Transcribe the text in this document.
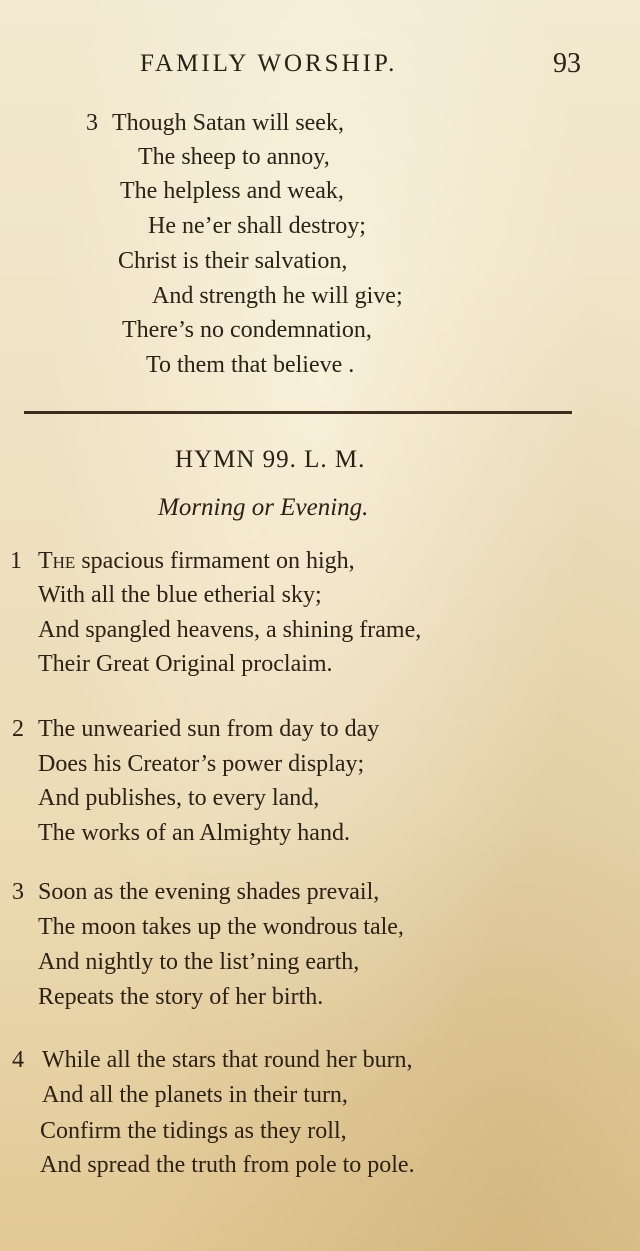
FAMILY WORSHIP.	93
3 Though Satan will seek,
The sheep to annoy,
The helpless and weak,
He ne’er shall destroy;
Christ is their salvation,
And strength he will give;
There’s no condemnation,
To them that believe .
HYMN 99. L. M.
Morning or Evening.
1 The spacious firmament on high,
With all the blue etherial sky;
And spangled heavens, a shining frame,
Their Great Original proclaim.
2 The unwearied sun from day to day
Does his Creator’s power display;
And publishes, to every land,
The works of an Almighty hand.
3 Soon as the evening shades prevail,
The moon takes up the wondrous tale,
And nightly to the list’ning earth,
Repeats the story of her birth.
4 While all the stars that round her burn,
And all the planets in their turn,
Confirm the tidings as they roll,
And spread the truth from pole to pole.
